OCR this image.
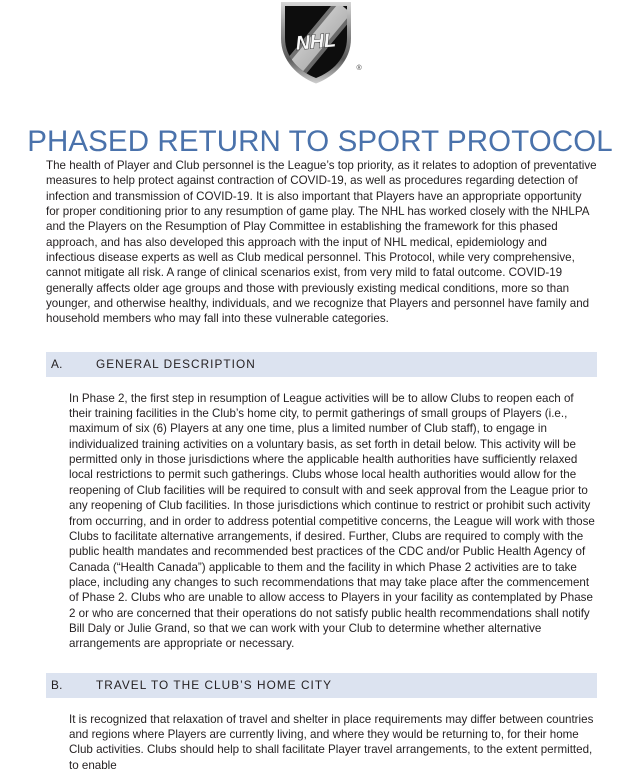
NHL
®
PHASED RETURN TO SPORT PROTOCOL

The health of Player and Club personnel is the League’s top priority, as it relates to adoption of preventative measures to help protect against contraction of COVID-19, as well as procedures regarding detection of infection and transmission of COVID-19. It is also important that Players have an appropriate opportunity for proper conditioning prior to any resumption of game play. The NHL has worked closely with the NHLPA and the Players on the Resumption of Play Committee in establishing the framework for this phased approach, and has also developed this approach with the input of NHL medical, epidemiology and infectious disease experts as well as Club medical personnel. This Protocol, while very comprehensive, cannot mitigate all risk. A range of clinical scenarios exist, from very mild to fatal outcome. COVID-19 generally affects older age groups and those with previously existing medical conditions, more so than younger, and otherwise healthy, individuals, and we recognize that Players and personnel have family and household members who may fall into these vulnerable categories.

A.	GENERAL DESCRIPTION

In Phase 2, the first step in resumption of League activities will be to allow Clubs to reopen each of their training facilities in the Club’s home city, to permit gatherings of small groups of Players (i.e., maximum of six (6) Players at any one time, plus a limited number of Club staff), to engage in individualized training activities on a voluntary basis, as set forth in detail below. This activity will be permitted only in those jurisdictions where the applicable health authorities have sufficiently relaxed local restrictions to permit such gatherings. Clubs whose local health authorities would allow for the reopening of Club facilities will be required to consult with and seek approval from the League prior to any reopening of Club facilities. In those jurisdictions which continue to restrict or prohibit such activity from occurring, and in order to address potential competitive concerns, the League will work with those Clubs to facilitate alternative arrangements, if desired. Further, Clubs are required to comply with the public health mandates and recommended best practices of the CDC and/or Public Health Agency of Canada (“Health Canada”) applicable to them and the facility in which Phase 2 activities are to take place, including any changes to such recommendations that may take place after the commencement of Phase 2. Clubs who are unable to allow access to Players in your facility as contemplated by Phase 2 or who are concerned that their operations do not satisfy public health recommendations shall notify Bill Daly or Julie Grand, so that we can work with your Club to determine whether alternative arrangements are appropriate or necessary.

B.	TRAVEL TO THE CLUB’S HOME CITY

It is recognized that relaxation of travel and shelter in place requirements may differ between countries and regions where Players are currently living, and where they would be returning to, for their home Club activities. Clubs should help to shall facilitate Player travel arrangements, to the extent permitted, to enable
